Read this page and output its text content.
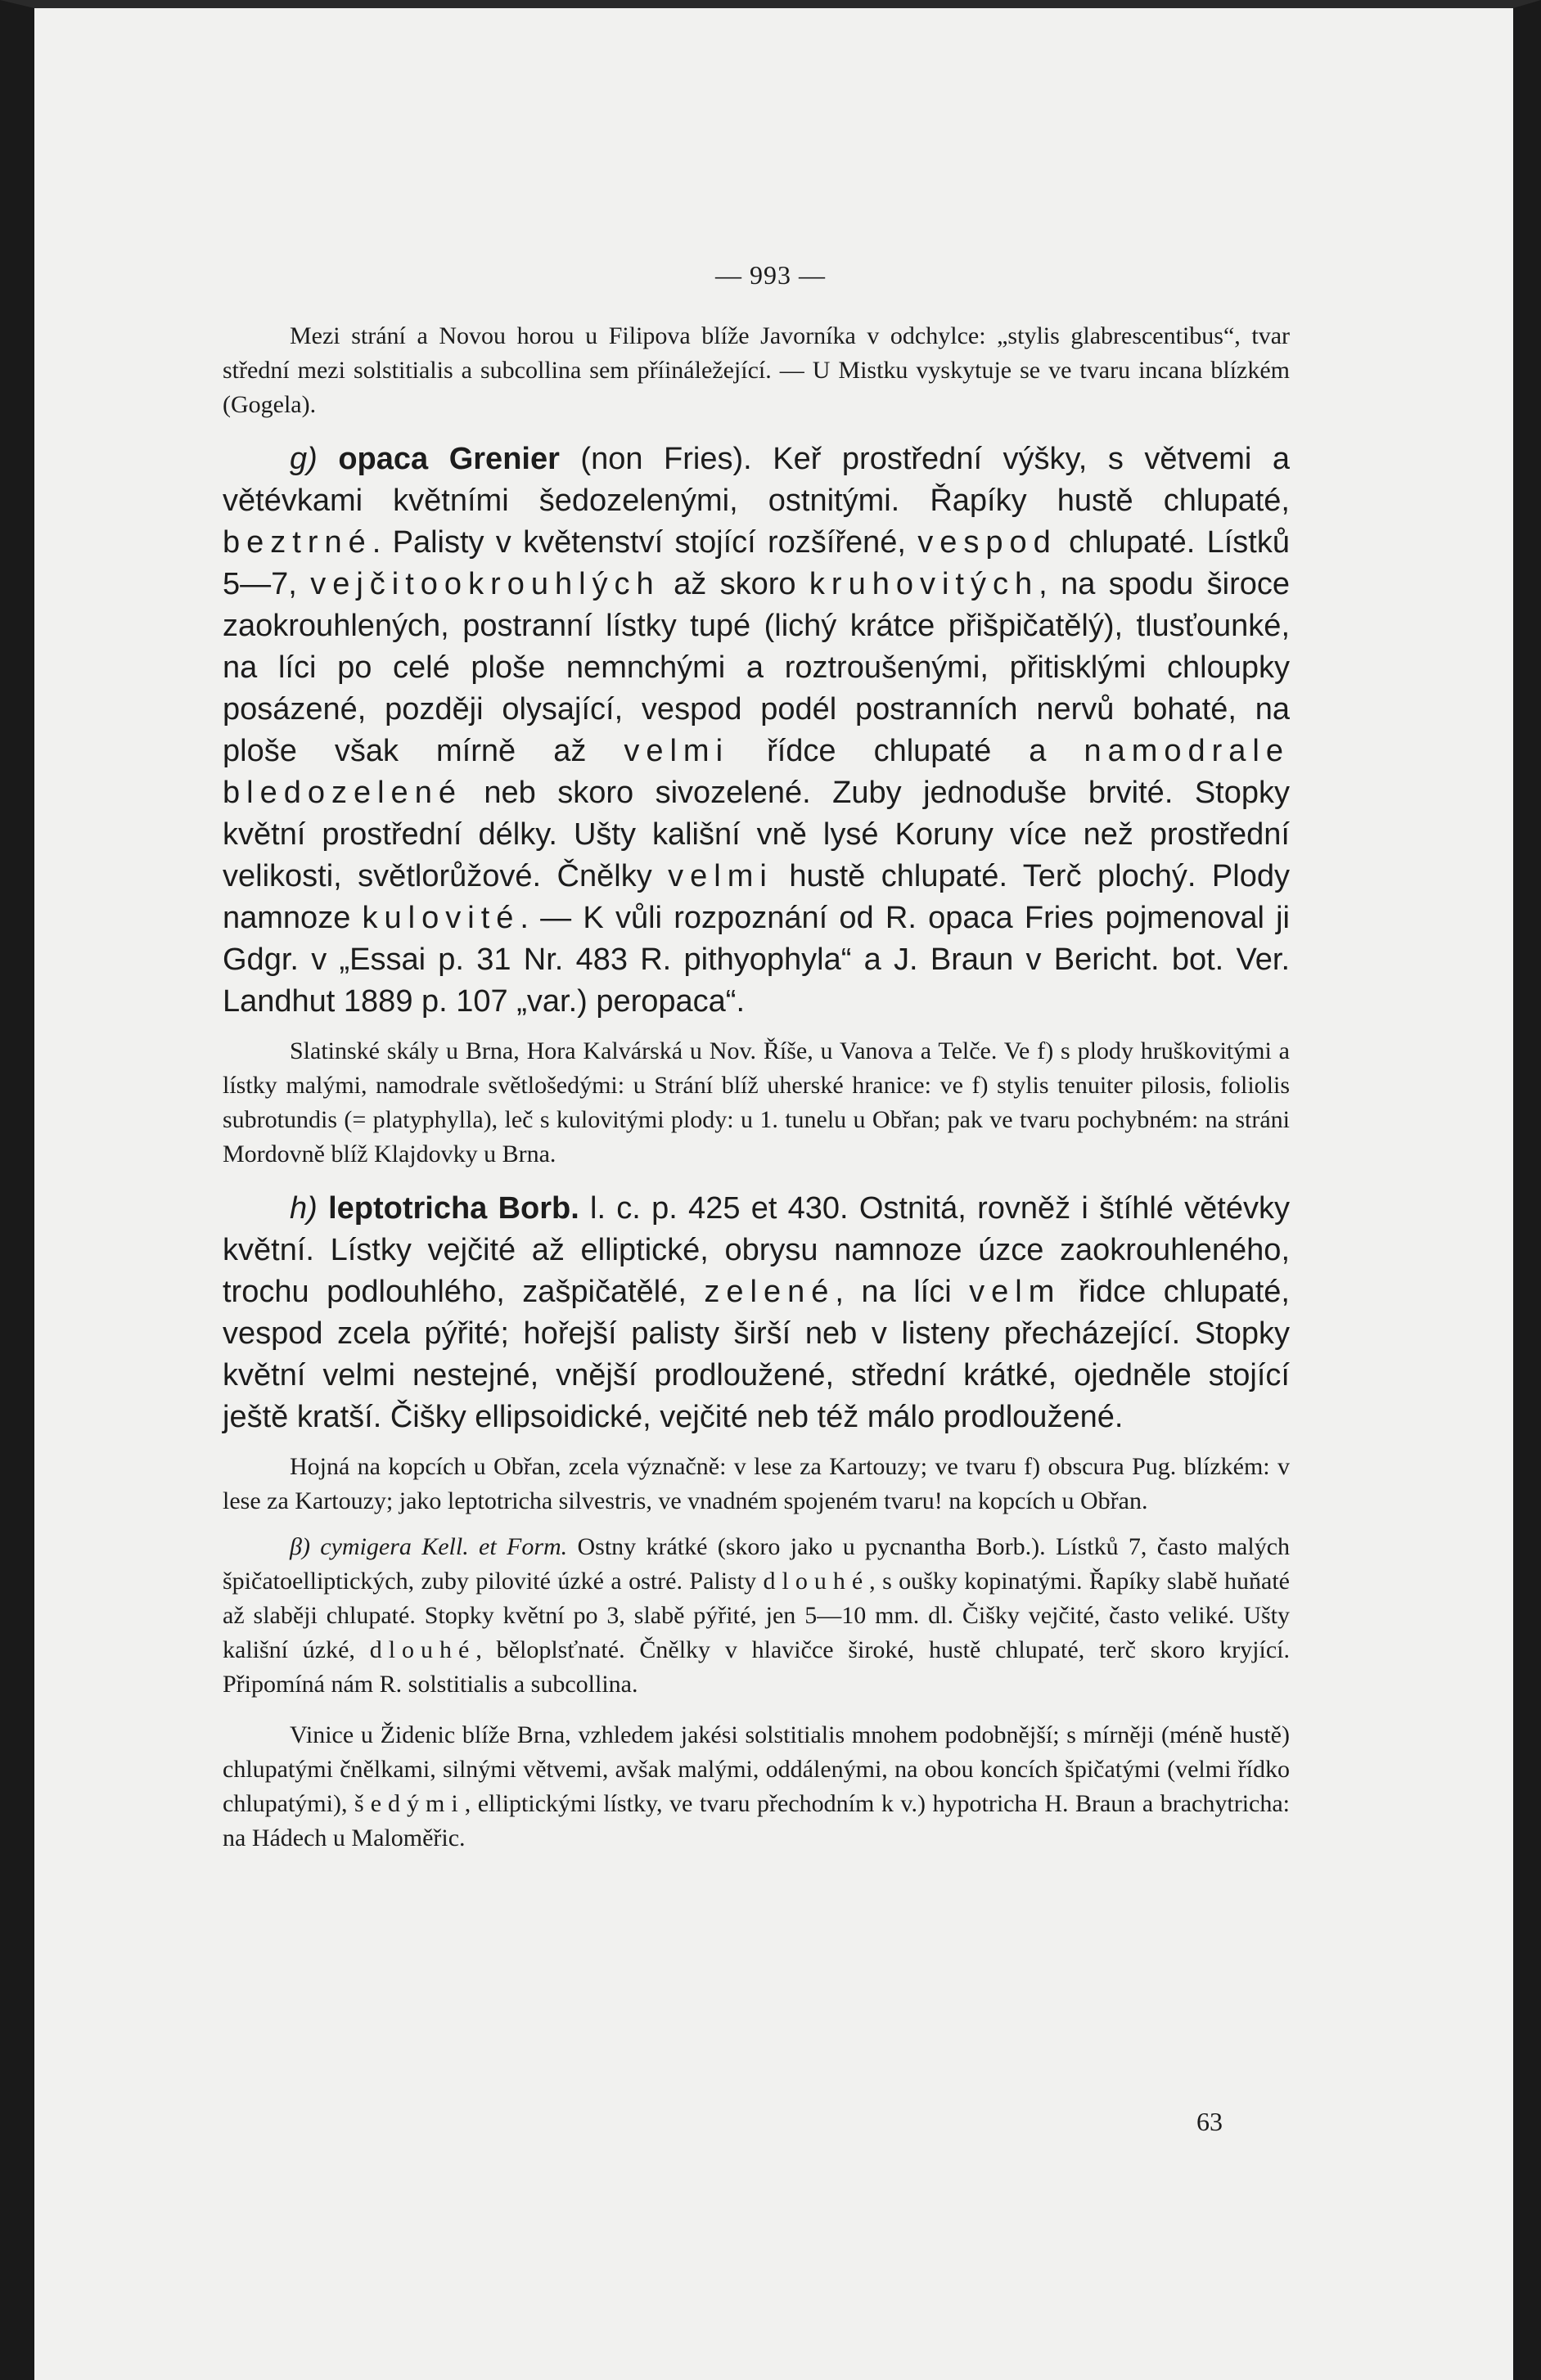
— 993 —

Mezi strání a Novou horou u Filipova blíže Javorníka v odchylce: „stylis glabrescentibus“, tvar střední mezi solstitialis a subcollina sem příináležející. — U Mistku vyskytuje se ve tvaru incana blízkém (Gogela).

g) opaca Grenier (non Fries). Keř prostřední výšky, s větvemi a větévkami květními šedozelenými, ostnitými. Řapíky hustě chlupaté, beztrné. Palisty v květenství stojící rozšířené, vespod chlupaté. Lístků 5—7, vejčitookrouhlých až skoro kruhovitých, na spodu široce zaokrouhlených, postranní lístky tupé (lichý krátce přišpičatělý), tlusťounké, na líci po celé ploše nemnchými a roztroušenými, přitisklými chloupky posázené, později olysající, vespod podél postranních nervů bohaté, na ploše však mírně až velmi řídce chlupaté a namodrale bledozelené neb skoro sivozelené. Zuby jednoduše brvité. Stopky květní prostřední délky. Ušty kališní vně lysé Koruny více než prostřední velikosti, světlorůžové. Čnělky velmi hustě chlupaté. Terč plochý. Plody namnoze kulovité. — K vůli rozpoznání od R. opaca Fries pojmenoval ji Gdgr. v „Essai p. 31 Nr. 483 R. pithyophyla“ a J. Braun v Bericht. bot. Ver. Landhut 1889 p. 107 „var.) peropaca“.

Slatinské skály u Brna, Hora Kalvárská u Nov. Říše, u Vanova a Telče. Ve f) s plody hruškovitými a lístky malými, namodrale světlošedými: u Strání blíž uherské hranice: ve f) stylis tenuiter pilosis, foliolis subrotundis (= platyphylla), leč s kulovitými plody: u 1. tunelu u Obřan; pak ve tvaru pochybném: na stráni Mordovně blíž Klajdovky u Brna.

h) leptotricha Borb. l. c. p. 425 et 430. Ostnitá, rovněž i štíhlé větévky květní. Lístky vejčité až elliptické, obrysu namnoze úzce zaokrouhleného, trochu podlouhlého, zašpičatělé, zelené, na líci velm řidce chlupaté, vespod zcela pýřité; hořejší palisty širší neb v listeny přecházející. Stopky květní velmi nestejné, vnější prodloužené, střední krátké, ojedněle stojící ještě kratší. Čišky ellipsoidické, vejčité neb též málo prodloužené.

Hojná na kopcích u Obřan, zcela význačně: v lese za Kartouzy; ve tvaru f) obscura Pug. blízkém: v lese za Kartouzy; jako leptotricha silvestris, ve vnadném spojeném tvaru! na kopcích u Obřan.

β) cymigera Kell. et Form. Ostny krátké (skoro jako u pycnantha Borb.). Lístků 7, často malých špičatoelliptických, zuby pilovité úzké a ostré. Palisty dlouhé, s oušky kopinatými. Řapíky slabě huňaté až slaběji chlupaté. Stopky květní po 3, slabě pýřité, jen 5—10 mm. dl. Čišky vejčité, často veliké. Ušty kališní úzké, dlouhé, běloplsťnaté. Čnělky v hlavičce široké, hustě chlupaté, terč skoro kryjící. Připomíná nám R. solstitialis a subcollina.

Vinice u Židenic blíže Brna, vzhledem jakési solstitialis mnohem podobnější; s mírněji (méně hustě) chlupatými čnělkami, silnými větvemi, avšak malými, oddálenými, na obou koncích špičatými (velmi řídko chlupatými), šedými, elliptickými lístky, ve tvaru přechodním k v.) hypotricha H. Braun a brachytricha: na Hádech u Maloměřic.

63
